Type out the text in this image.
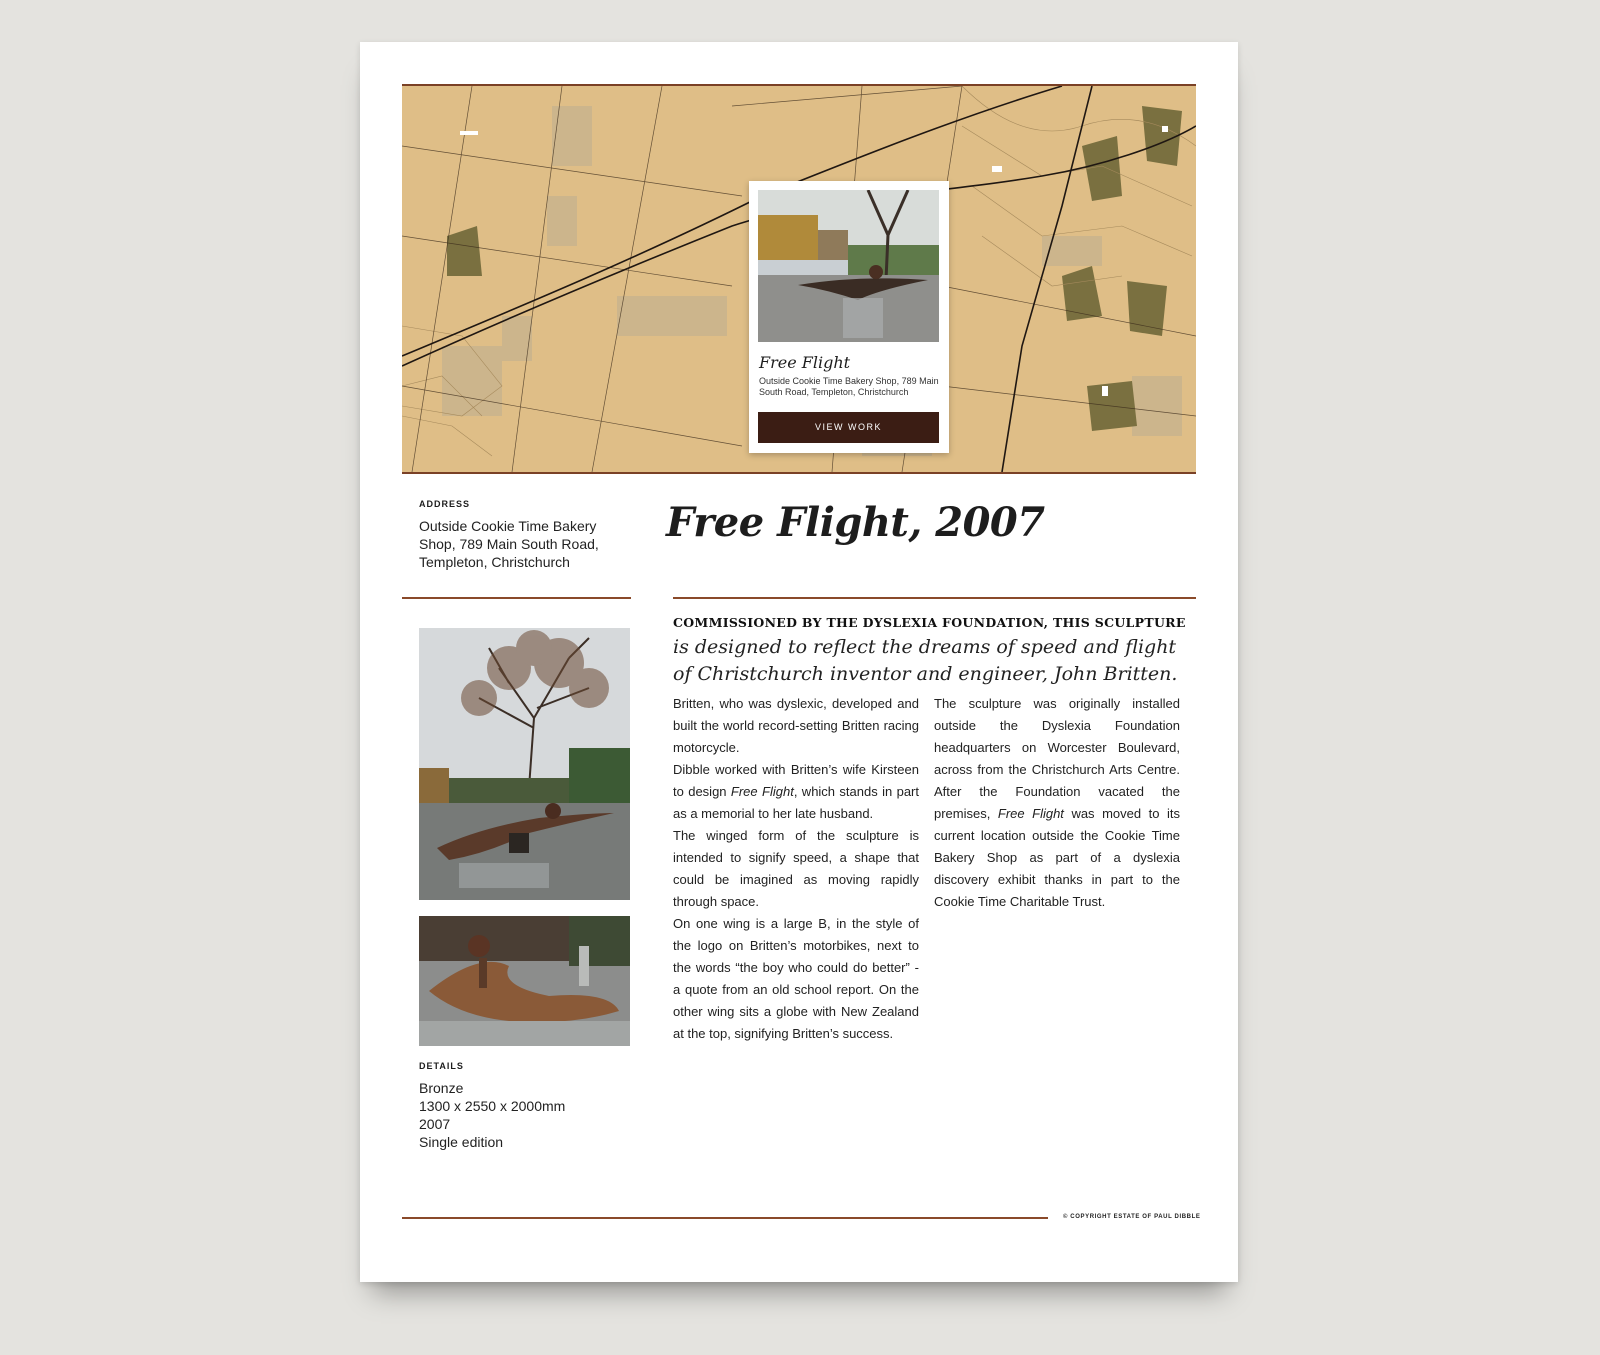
Free Flight
Outside Cookie Time Bakery Shop, 789 Main South Road, Templeton, Christchurch
VIEW WORK
ADDRESS
Outside Cookie Time Bakery Shop, 789 Main South Road, Templeton, Christchurch
Free Flight, 2007
DETAILS
Bronze
1300 x 2550 x 2000mm
2007
Single edition
COMMISSIONED BY THE DYSLEXIA FOUNDATION, THIS SCULPTURE
is designed to reflect the dreams of speed and flight of Christchurch inventor and engineer, John Britten.

Britten, who was dyslexic, developed and built the world record-setting Britten racing motorcycle.

Dibble worked with Britten’s wife Kirsteen to design Free Flight, which stands in part as a memorial to her late husband.

The winged form of the sculpture is intended to signify speed, a shape that could be imagined as moving rapidly through space.

On one wing is a large B, in the style of the logo on Britten’s motorbikes, next to the words “the boy who could do better” - a quote from an old school report. On the other wing sits a globe with New Zealand at the top, signifying Britten’s success.

The sculpture was originally installed outside the Dyslexia Foundation headquarters on Worcester Boulevard, across from the Christchurch Arts Centre. After the Foundation vacated the premises, Free Flight was moved to its current location outside the Cookie Time Bakery Shop as part of a dyslexia discovery exhibit thanks in part to the Cookie Time Charitable Trust.

© COPYRIGHT ESTATE OF PAUL DIBBLE
